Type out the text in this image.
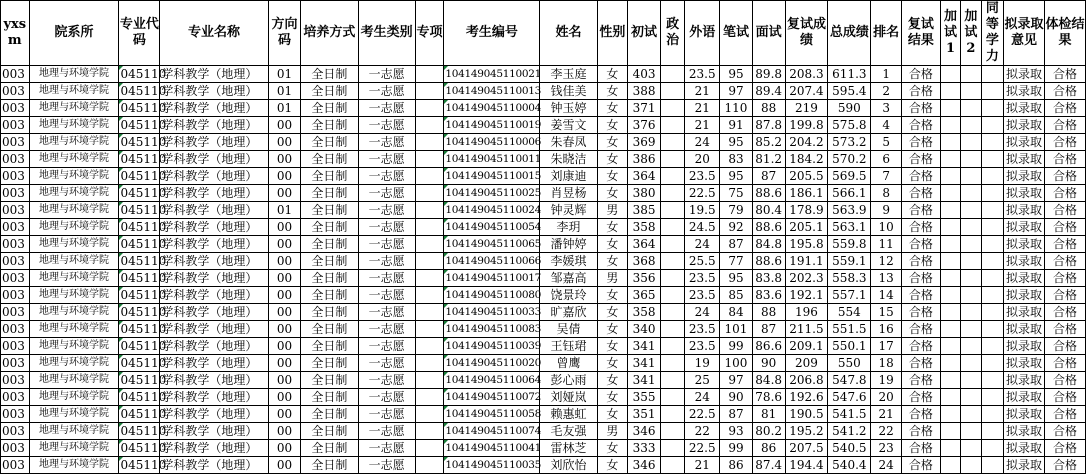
yxsm	院系所	专业代码	专业名称	方向码	培养方式	考生类别	专项	考生编号	姓名	性别	初试	政治	外语	笔试	面试	复试成绩	总成绩	排名	复试结果	加试1	加试2	同等学力	拟录取意见	体检结果
003	地理与环境学院	045110	学科教学（地理）	01	全日制	一志愿		104149045110021	李玉庭	女	403		23.5	95	89.8	208.3	611.3	1	合格				拟录取	合格
003	地理与环境学院	045110	学科教学（地理）	01	全日制	一志愿		104149045110013	钱佳美	女	388		21	97	89.4	207.4	595.4	2	合格				拟录取	合格
003	地理与环境学院	045110	学科教学（地理）	01	全日制	一志愿		104149045110004	钟玉婷	女	371		21	110	88	219	590	3	合格				拟录取	合格
003	地理与环境学院	045110	学科教学（地理）	00	全日制	一志愿		104149045110019	姜雪文	女	376		21	91	87.8	199.8	575.8	4	合格				拟录取	合格
003	地理与环境学院	045110	学科教学（地理）	00	全日制	一志愿		104149045110006	朱春凤	女	369		24	95	85.2	204.2	573.2	5	合格				拟录取	合格
003	地理与环境学院	045110	学科教学（地理）	00	全日制	一志愿		104149045110011	朱晓洁	女	386		20	83	81.2	184.2	570.2	6	合格				拟录取	合格
003	地理与环境学院	045110	学科教学（地理）	00	全日制	一志愿		104149045110015	刘康迪	女	364		23.5	95	87	205.5	569.5	7	合格				拟录取	合格
003	地理与环境学院	045110	学科教学（地理）	00	全日制	一志愿		104149045110025	肖昱杨	女	380		22.5	75	88.6	186.1	566.1	8	合格				拟录取	合格
003	地理与环境学院	045110	学科教学（地理）	01	全日制	一志愿		104149045110024	钟灵辉	男	385		19.5	79	80.4	178.9	563.9	9	合格				拟录取	合格
003	地理与环境学院	045110	学科教学（地理）	00	全日制	一志愿		104149045110054	李玥	女	358		24.5	92	88.6	205.1	563.1	10	合格				拟录取	合格
003	地理与环境学院	045110	学科教学（地理）	00	全日制	一志愿		104149045110065	潘钟婷	女	364		24	87	84.8	195.8	559.8	11	合格				拟录取	合格
003	地理与环境学院	045110	学科教学（地理）	00	全日制	一志愿		104149045110066	李媛琪	女	368		25.5	77	88.6	191.1	559.1	12	合格				拟录取	合格
003	地理与环境学院	045110	学科教学（地理）	00	全日制	一志愿		104149045110017	邹嘉高	男	356		23.5	95	83.8	202.3	558.3	13	合格				拟录取	合格
003	地理与环境学院	045110	学科教学（地理）	00	全日制	一志愿		104149045110080	饶景玲	女	365		23.5	85	83.6	192.1	557.1	14	合格				拟录取	合格
003	地理与环境学院	045110	学科教学（地理）	00	全日制	一志愿		104149045110033	旷嘉欣	女	358		24	84	88	196	554	15	合格				拟录取	合格
003	地理与环境学院	045110	学科教学（地理）	00	全日制	一志愿		104149045110083	吴倩	女	340		23.5	101	87	211.5	551.5	16	合格				拟录取	合格
003	地理与环境学院	045110	学科教学（地理）	00	全日制	一志愿		104149045110039	王钰珺	女	341		23.5	99	86.6	209.1	550.1	17	合格				拟录取	合格
003	地理与环境学院	045110	学科教学（地理）	00	全日制	一志愿		104149045110020	曾鹰	女	341		19	100	90	209	550	18	合格				拟录取	合格
003	地理与环境学院	045110	学科教学（地理）	00	全日制	一志愿		104149045110064	彭心雨	女	341		25	97	84.8	206.8	547.8	19	合格				拟录取	合格
003	地理与环境学院	045110	学科教学（地理）	00	全日制	一志愿		104149045110072	刘娅岚	女	355		24	90	78.6	192.6	547.6	20	合格				拟录取	合格
003	地理与环境学院	045110	学科教学（地理）	00	全日制	一志愿		104149045110058	赖惠虹	女	351		22.5	87	81	190.5	541.5	21	合格				拟录取	合格
003	地理与环境学院	045110	学科教学（地理）	00	全日制	一志愿		104149045110074	毛友强	男	346		22	93	80.2	195.2	541.2	22	合格				拟录取	合格
003	地理与环境学院	045110	学科教学（地理）	00	全日制	一志愿		104149045110041	雷林芝	女	333		22.5	99	86	207.5	540.5	23	合格				拟录取	合格
003	地理与环境学院	045110	学科教学（地理）	00	全日制	一志愿		104149045110035	刘欣怡	女	346		21	86	87.4	194.4	540.4	24	合格				拟录取	合格
